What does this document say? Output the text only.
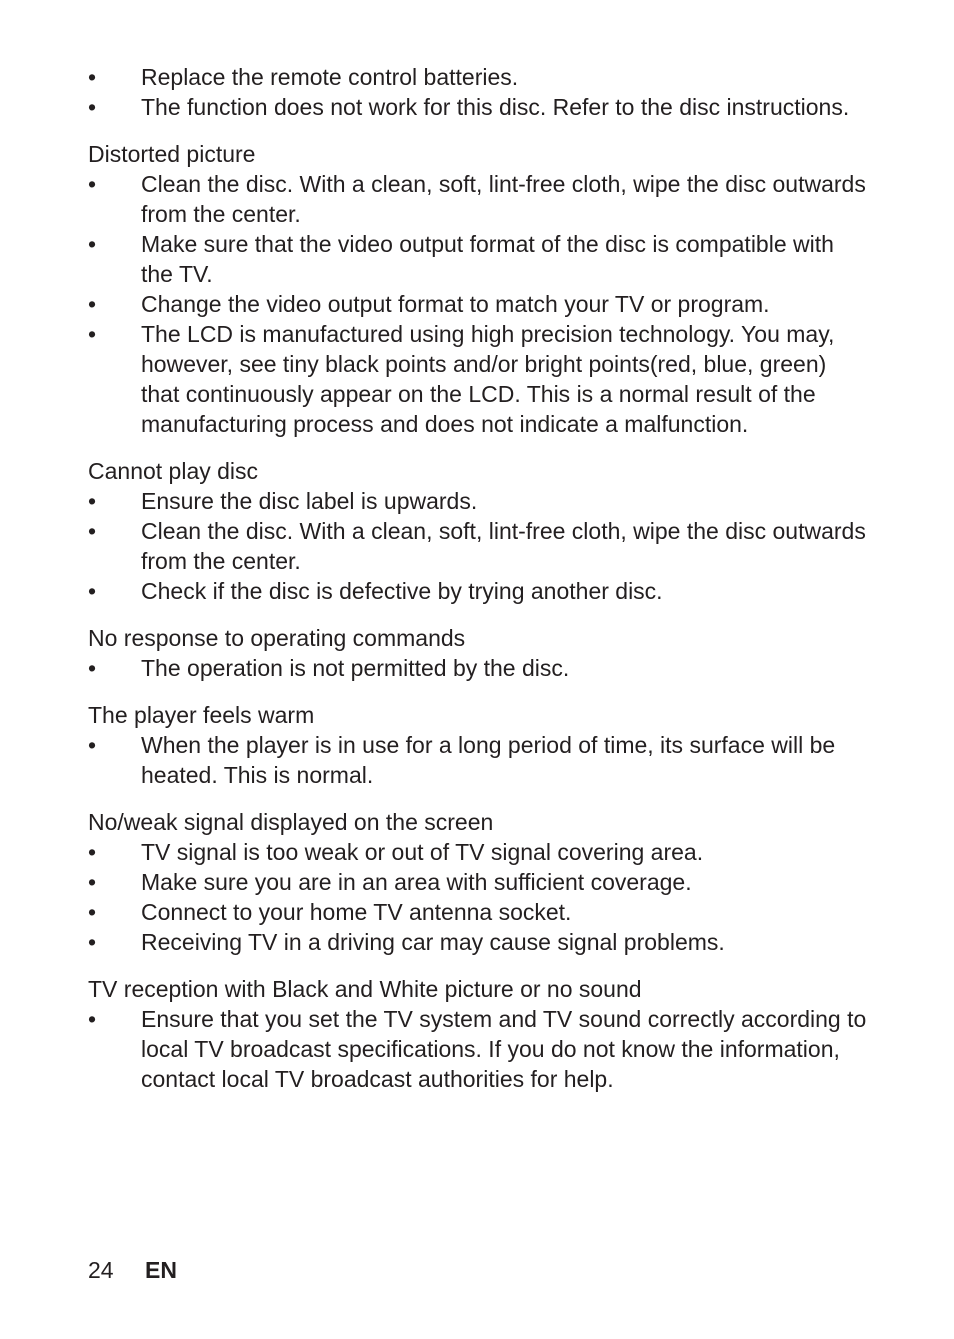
•	Replace the remote control batteries.
•	The function does not work for this disc. Refer to the disc instructions.
Distorted picture
•	Clean the disc. With a clean, soft, lint-free cloth, wipe the disc outwards from the center.
•	Make sure that the video output format of the disc is compatible with the TV.
•	Change the video output format to match your TV or program.
•	The LCD is manufactured using high precision technology. You may, however, see tiny black points and/or bright points(red, blue, green) that continuously appear on the LCD. This is a normal result of the manufacturing process and does not indicate a malfunction.
Cannot play disc
•	Ensure the disc label is upwards.
•	Clean the disc. With a clean, soft, lint-free cloth, wipe the disc outwards from the center.
•	Check if the disc is defective by trying another disc.
No response to operating commands
•	The operation is not permitted by the disc.
The player feels warm
•	When the player is in use for a long period of time, its surface will be heated. This is normal.
No/weak signal displayed on the screen
•	TV signal is too weak or out of TV signal covering area.
•	Make sure you are in an area with sufficient coverage.
•	Connect to your home TV antenna socket.
•	Receiving TV in a driving car may cause signal problems.
TV reception with Black and White picture or no sound
•	Ensure that you set the TV system and TV sound correctly according to local TV broadcast specifications. If you do not know the information, contact local TV broadcast authorities for help.
24 EN
